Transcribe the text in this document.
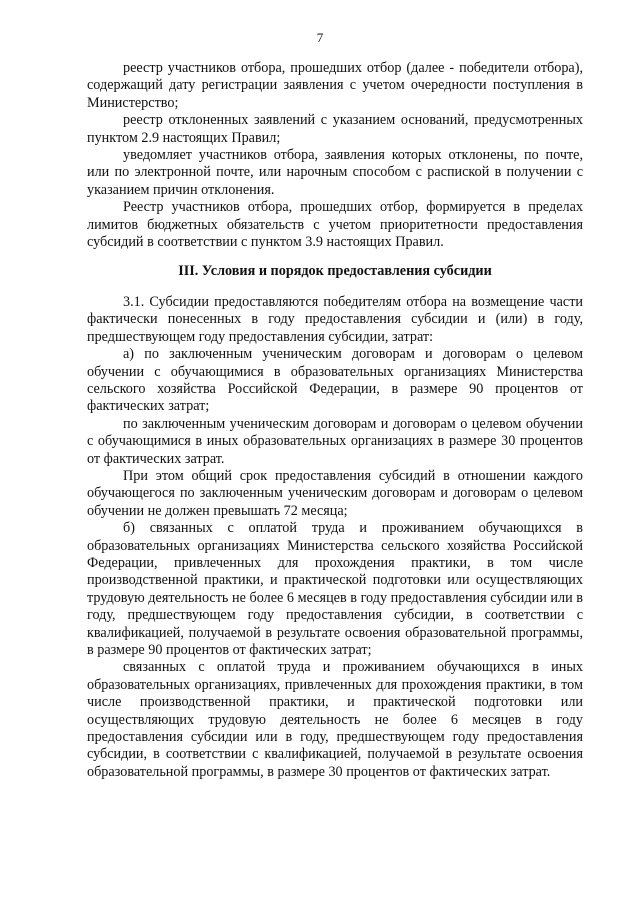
7

реестр участников отбора, прошедших отбор (далее - победители отбора), содержащий дату регистрации заявления с учетом очередности поступления в Министерство;

реестр отклоненных заявлений с указанием оснований, предусмотренных пунктом 2.9 настоящих Правил;

уведомляет участников отбора, заявления которых отклонены, по почте, или по электронной почте, или нарочным способом с распиской в получении с указанием причин отклонения.

Реестр участников отбора, прошедших отбор, формируется в пределах лимитов бюджетных обязательств с учетом приоритетности предоставления субсидий в соответствии с пунктом 3.9 настоящих Правил.

III. Условия и порядок предоставления субсидии

3.1. Субсидии предоставляются победителям отбора на возмещение части фактически понесенных в году предоставления субсидии и (или) в году, предшествующем году предоставления субсидии, затрат:

а) по заключенным ученическим договорам и договорам о целевом обучении с обучающимися в образовательных организациях Министерства сельского хозяйства Российской Федерации, в размере 90 процентов от фактических затрат;

по заключенным ученическим договорам и договорам о целевом обучении с обучающимися в иных образовательных организациях в размере 30 процентов от фактических затрат.

При этом общий срок предоставления субсидий в отношении каждого обучающегося по заключенным ученическим договорам и договорам о целевом обучении не должен превышать 72 месяца;

б) связанных с оплатой труда и проживанием обучающихся в образовательных организациях Министерства сельского хозяйства Российской Федерации, привлеченных для прохождения практики, в том числе производственной практики, и практической подготовки или осуществляющих трудовую деятельность не более 6 месяцев в году предоставления субсидии или в году, предшествующем году предоставления субсидии, в соответствии с квалификацией, получаемой в результате освоения образовательной программы, в размере 90 процентов от фактических затрат;

связанных с оплатой труда и проживанием обучающихся в иных образовательных организациях, привлеченных для прохождения практики, в том числе производственной практики, и практической подготовки или осуществляющих трудовую деятельность не более 6 месяцев в году предоставления субсидии или в году, предшествующем году предоставления субсидии, в соответствии с квалификацией, получаемой в результате освоения образовательной программы, в размере 30 процентов от фактических затрат.
